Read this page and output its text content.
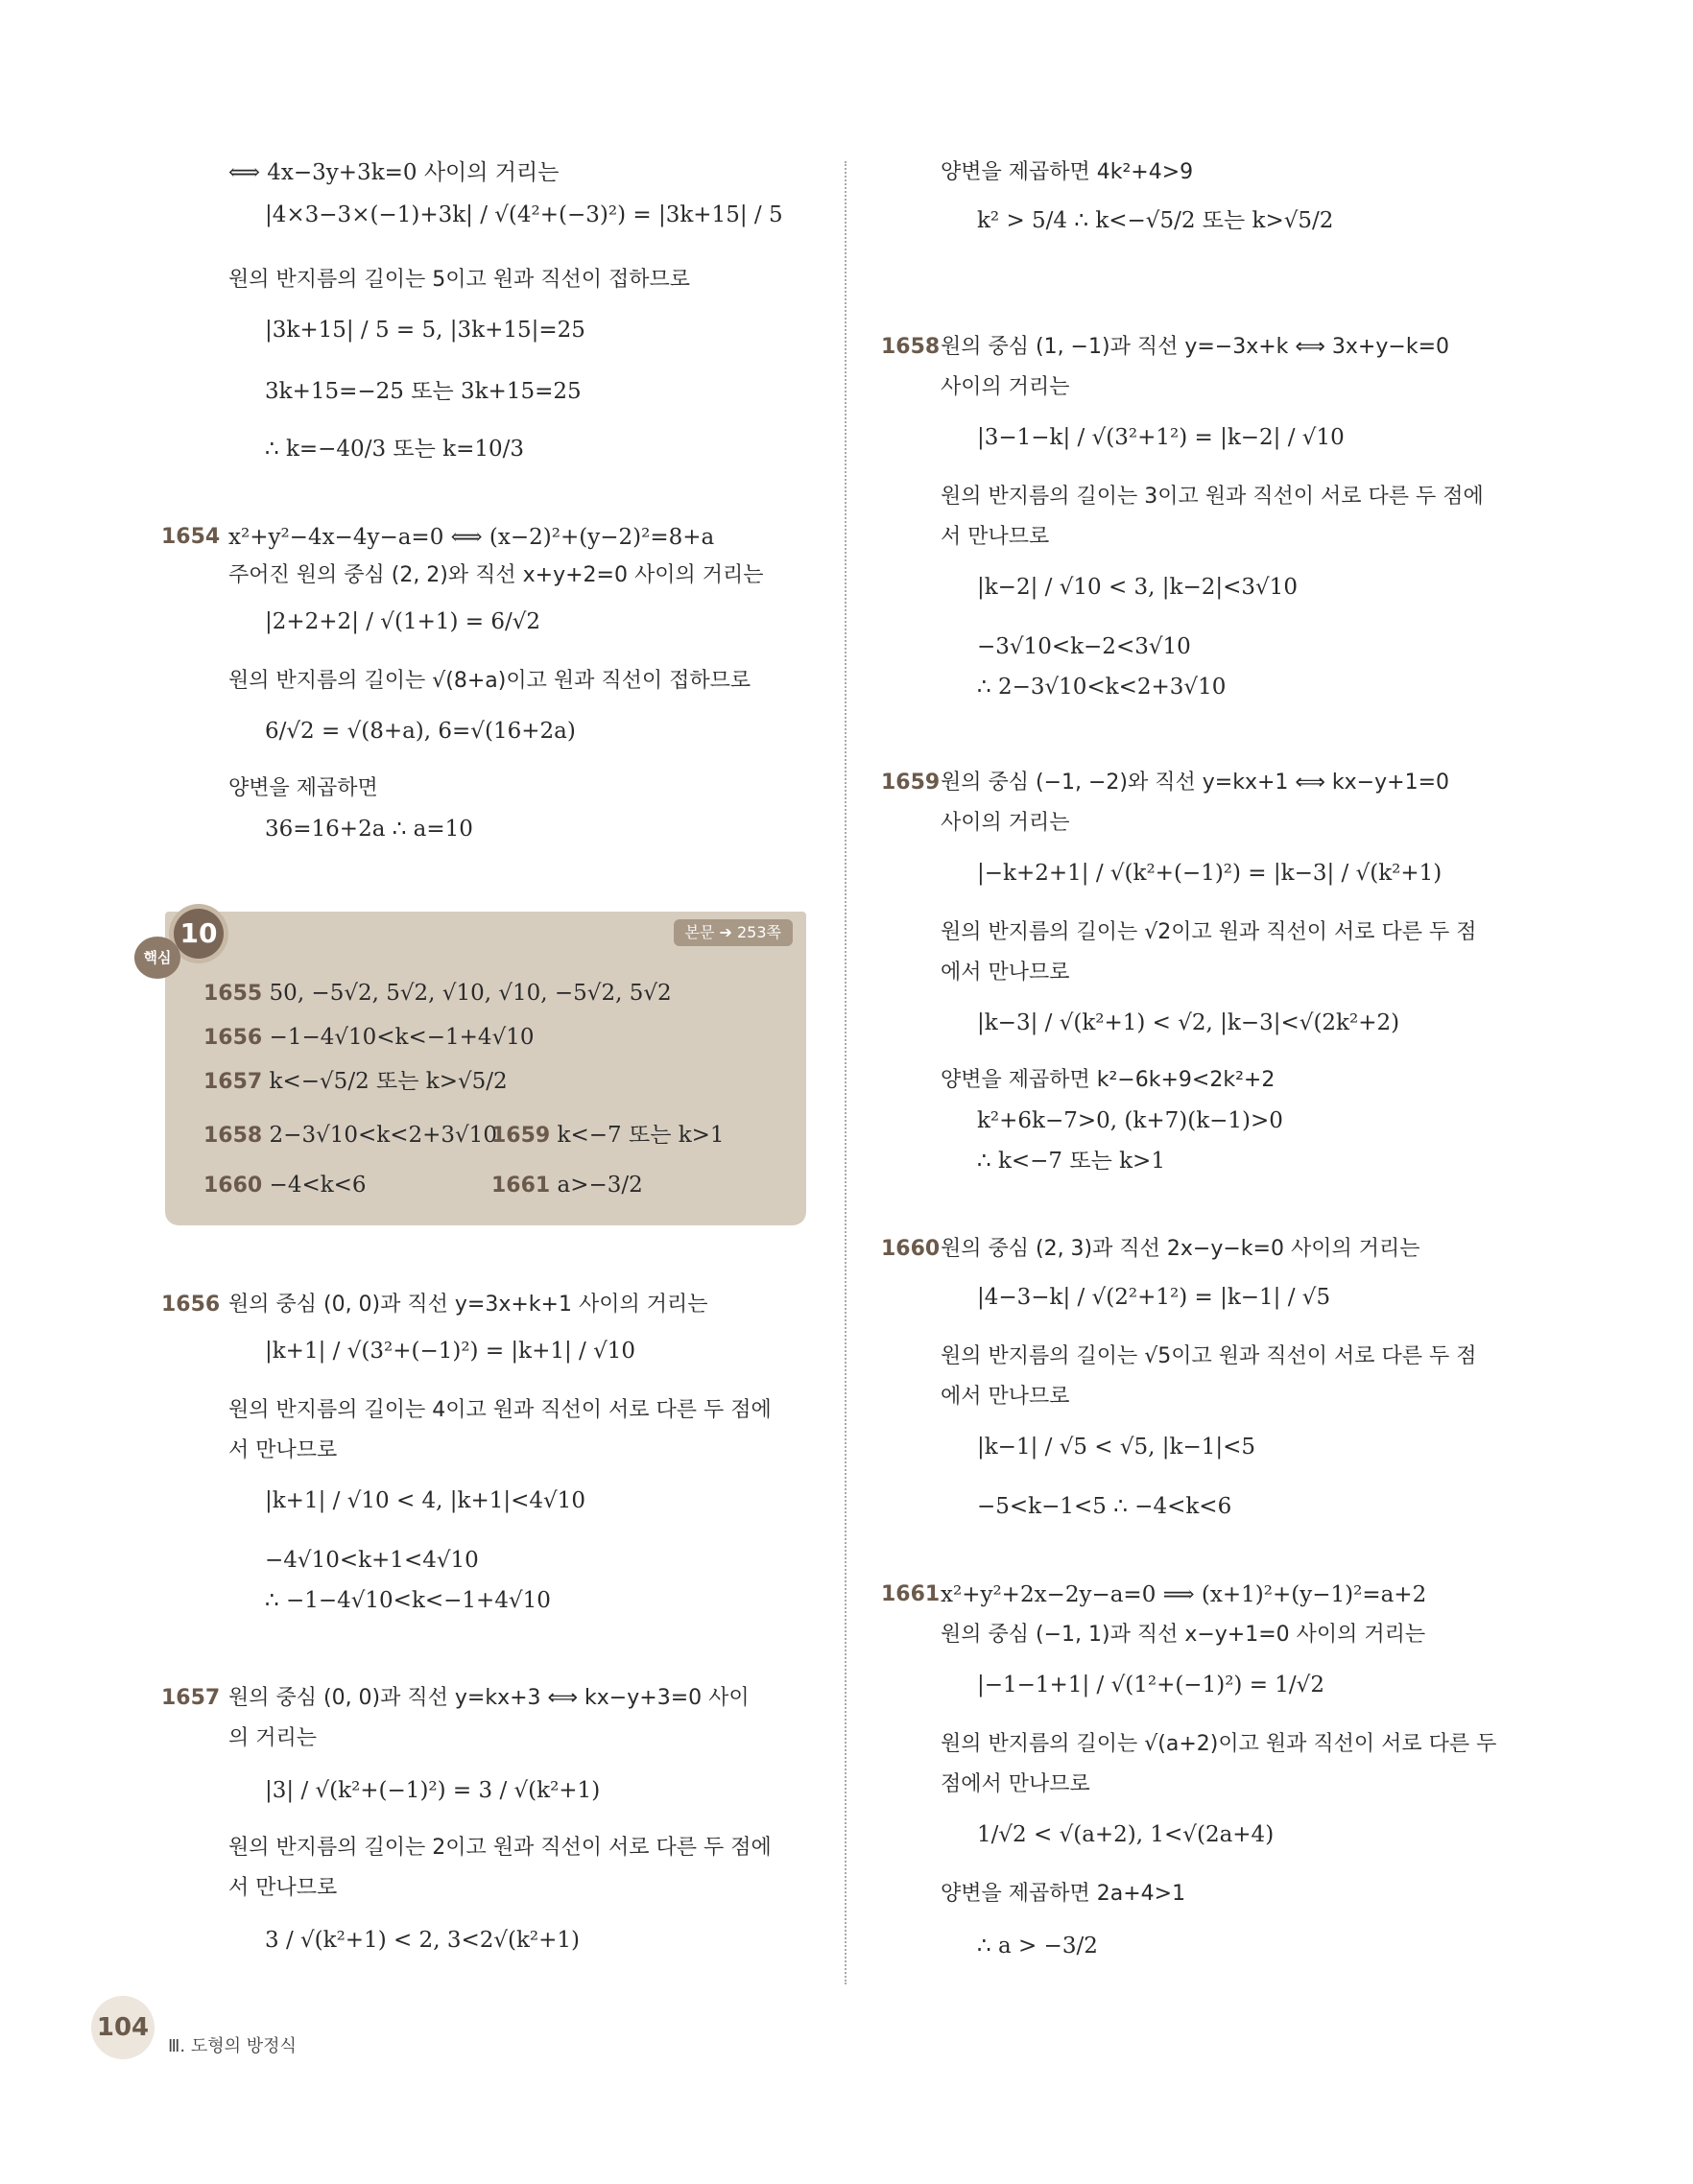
⟺ 4x−3y+3k=0 사이의 거리는
|4×3−3×(−1)+3k| / √(4²+(−3)²) = |3k+15| / 5
원의 반지름의 길이는 5이고 원과 직선이 접하므로
|3k+15| / 5 = 5, |3k+15|=25
3k+15=−25 또는 3k+15=25
∴ k=−40/3 또는 k=10/3
1654 x²+y²−4x−4y−a=0 ⟺ (x−2)²+(y−2)²=8+a
주어진 원의 중심 (2, 2)와 직선 x+y+2=0 사이의 거리는
|2+2+2| / √(1+1) = 6/√2
원의 반지름의 길이는 √(8+a)이고 원과 직선이 접하므로
6/√2 = √(8+a), 6=√(16+2a)
양변을 제곱하면
36=16+2a ∴ a=10
1656 원의 중심 (0, 0)과 직선 y=3x+k+1 사이의 거리는
|k+1| / √(3²+(−1)²) = |k+1| / √10
원의 반지름의 길이는 4이고 원과 직선이 서로 다른 두 점에
서 만나므로
|k+1| / √10 < 4, |k+1|<4√10
−4√10<k+1<4√10
∴ −1−4√10<k<−1+4√10
1657 원의 중심 (0, 0)과 직선 y=kx+3 ⟺ kx−y+3=0 사이
의 거리는
|3| / √(k²+(−1)²) = 3 / √(k²+1)
원의 반지름의 길이는 2이고 원과 직선이 서로 다른 두 점에
서 만나므로
3 / √(k²+1) < 2, 3<2√(k²+1)
본문 ➔ 253쪽
1655 50, −5√2, 5√2, √10, √10, −5√2, 5√2
1656 −1−4√10<k<−1+4√10
1657 k<−√5/2 또는 k>√5/2
1658 2−3√10<k<2+3√10
1659 k<−7 또는 k>1
1660 −4<k<6	1661 a>−3/2
10
핵심
양변을 제곱하면 4k²+4>9
k² > 5/4 ∴ k<−√5/2 또는 k>√5/2
1658 원의 중심 (1, −1)과 직선 y=−3x+k ⟺ 3x+y−k=0
사이의 거리는
|3−1−k| / √(3²+1²) = |k−2| / √10
원의 반지름의 길이는 3이고 원과 직선이 서로 다른 두 점에
서 만나므로
|k−2| / √10 < 3, |k−2|<3√10
−3√10<k−2<3√10
∴ 2−3√10<k<2+3√10
1659 원의 중심 (−1, −2)와 직선 y=kx+1 ⟺ kx−y+1=0
사이의 거리는
|−k+2+1| / √(k²+(−1)²) = |k−3| / √(k²+1)
원의 반지름의 길이는 √2이고 원과 직선이 서로 다른 두 점
에서 만나므로
|k−3| / √(k²+1) < √2, |k−3|<√(2k²+2)
양변을 제곱하면 k²−6k+9<2k²+2
k²+6k−7>0, (k+7)(k−1)>0
∴ k<−7 또는 k>1
1660 원의 중심 (2, 3)과 직선 2x−y−k=0 사이의 거리는
|4−3−k| / √(2²+1²) = |k−1| / √5
원의 반지름의 길이는 √5이고 원과 직선이 서로 다른 두 점
에서 만나므로
|k−1| / √5 < √5, |k−1|<5
−5<k−1<5 ∴ −4<k<6
1661 x²+y²+2x−2y−a=0 ⟹ (x+1)²+(y−1)²=a+2
원의 중심 (−1, 1)과 직선 x−y+1=0 사이의 거리는
|−1−1+1| / √(1²+(−1)²) = 1/√2
원의 반지름의 길이는 √(a+2)이고 원과 직선이 서로 다른 두
점에서 만나므로
1/√2 < √(a+2), 1<√(2a+4)
양변을 제곱하면 2a+4>1
∴ a > −3/2
104
Ⅲ. 도형의 방정식
